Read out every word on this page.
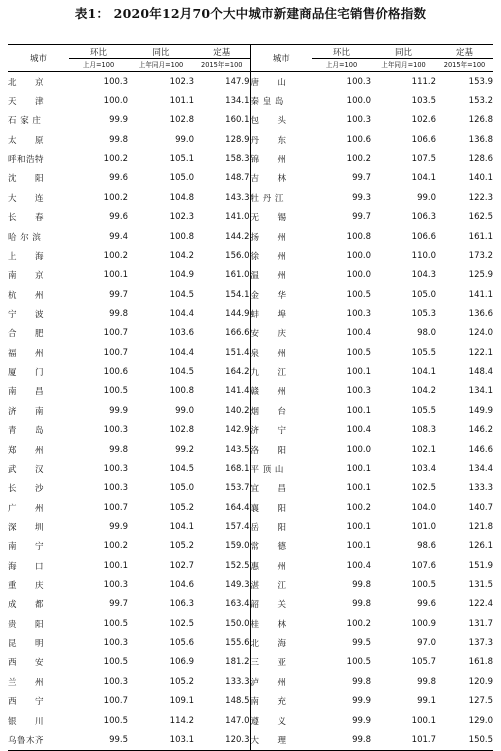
表1： 2020年12月70个大中城市新建商品住宅销售价格指数
城市	环比	同比	定基	城市	环比	同比	定基
	上月=100	上年同月=100	2015年=100		上月=100	上年同月=100	2015年=100
北　　京	100.3	102.3	147.9	唐　　山	100.3	111.2	153.9
天　　津	100.0	101.1	134.1	秦 皇 岛	100.0	103.5	153.2
石 家 庄	99.9	102.8	160.1	包　　头	100.3	102.6	126.8
太　　原	99.8	99.0	128.9	丹　　东	100.6	106.6	136.8
呼和浩特	100.2	105.1	158.3	锦　　州	100.2	107.5	128.6
沈　　阳	99.6	105.0	148.7	吉　　林	99.7	104.1	140.1
大　　连	100.2	104.8	143.3	牡 丹 江	99.3	99.0	122.3
长　　春	99.6	102.3	141.0	无　　锡	99.7	106.3	162.5
哈 尔 滨	99.4	100.8	144.2	扬　　州	100.8	106.6	161.1
上　　海	100.2	104.2	156.0	徐　　州	100.0	110.0	173.2
南　　京	100.1	104.9	161.0	温　　州	100.0	104.3	125.9
杭　　州	99.7	104.5	154.1	金　　华	100.5	105.0	141.1
宁　　波	99.8	104.4	144.9	蚌　　埠	100.3	105.3	136.6
合　　肥	100.7	103.6	166.6	安　　庆	100.4	98.0	124.0
福　　州	100.7	104.4	151.4	泉　　州	100.5	105.5	122.1
厦　　门	100.6	104.5	164.2	九　　江	100.1	104.1	148.4
南　　昌	100.5	100.8	141.4	赣　　州	100.3	104.2	134.1
济　　南	99.9	99.0	140.2	烟　　台	100.1	105.5	149.9
青　　岛	100.3	102.8	142.9	济　　宁	100.4	108.3	146.2
郑　　州	99.8	99.2	143.5	洛　　阳	100.0	102.1	146.6
武　　汉	100.3	104.5	168.1	平 顶 山	100.1	103.4	134.4
长　　沙	100.3	105.0	153.7	宜　　昌	100.1	102.5	133.3
广　　州	100.7	105.2	164.4	襄　　阳	100.2	104.0	140.7
深　　圳	99.9	104.1	157.4	岳　　阳	100.1	101.0	121.8
南　　宁	100.2	105.2	159.0	常　　德	100.1	98.6	126.1
海　　口	100.1	102.7	152.5	惠　　州	100.4	107.6	151.9
重　　庆	100.3	104.6	149.3	湛　　江	99.8	100.5	131.5
成　　都	99.7	106.3	163.4	韶　　关	99.8	99.6	122.4
贵　　阳	100.5	102.5	150.0	桂　　林	100.2	100.9	131.7
昆　　明	100.3	105.6	155.6	北　　海	99.5	97.0	137.3
西　　安	100.5	106.9	181.2	三　　亚	100.5	105.7	161.8
兰　　州	100.3	105.2	133.3	泸　　州	99.8	99.8	120.9
西　　宁	100.7	109.1	148.5	南　　充	99.9	99.1	127.5
银　　川	100.5	114.2	147.0	遵　　义	99.9	100.1	129.0
乌鲁木齐	99.5	103.1	120.3	大　　理	99.8	101.7	150.5
